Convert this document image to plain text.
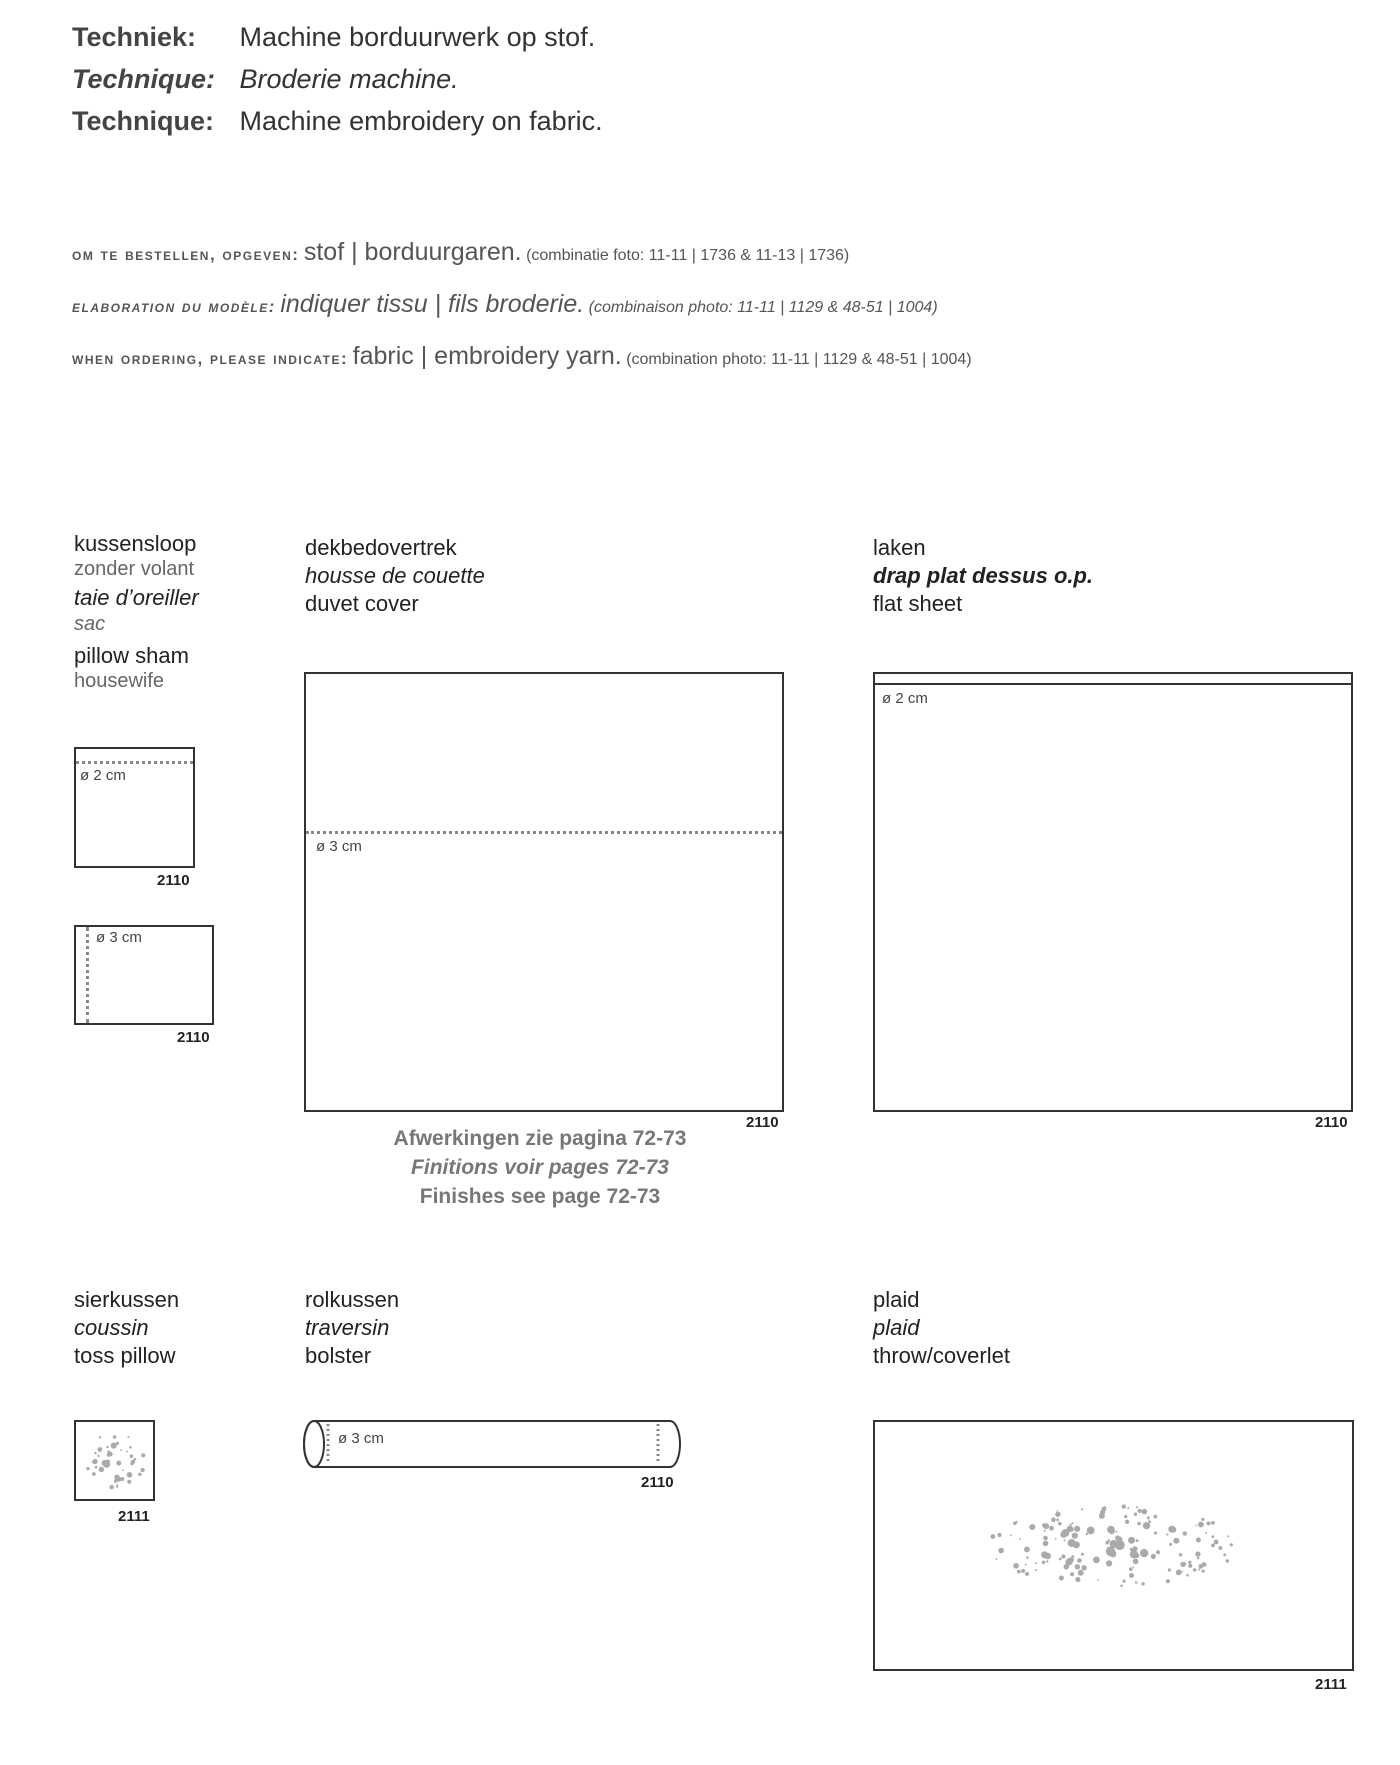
Techniek: Machine borduurwerk op stof.
Technique: Broderie machine.
Technique: Machine embroidery on fabric.
om te bestellen, opgeven: stof | borduurgaren. (combinatie foto: 11-11 | 1736 & 11-13 | 1736)
elaboration du modèle: indiquer tissu | fils broderie. (combinaison photo: 11-11 | 1129 & 48-51 | 1004)
when ordering, please indicate: fabric | embroidery yarn. (combination photo: 11-11 | 1129 & 48-51 | 1004)
kussensloop
zonder volant
taie d’oreiller
sac
pillow sham
housewife
ø 2 cm
2110
ø 3 cm
2110
dekbedovertrek
housse de couette
duvet cover
ø 3 cm
2110
Afwerkingen zie pagina 72-73
Finitions voir pages 72-73
Finishes see page 72-73
laken
drap plat dessus o.p.
flat sheet
ø 2 cm
2110
sierkussen
coussin
toss pillow
2111
rolkussen
traversin
bolster
ø 3 cm
2110
plaid
plaid
throw/coverlet
2111
